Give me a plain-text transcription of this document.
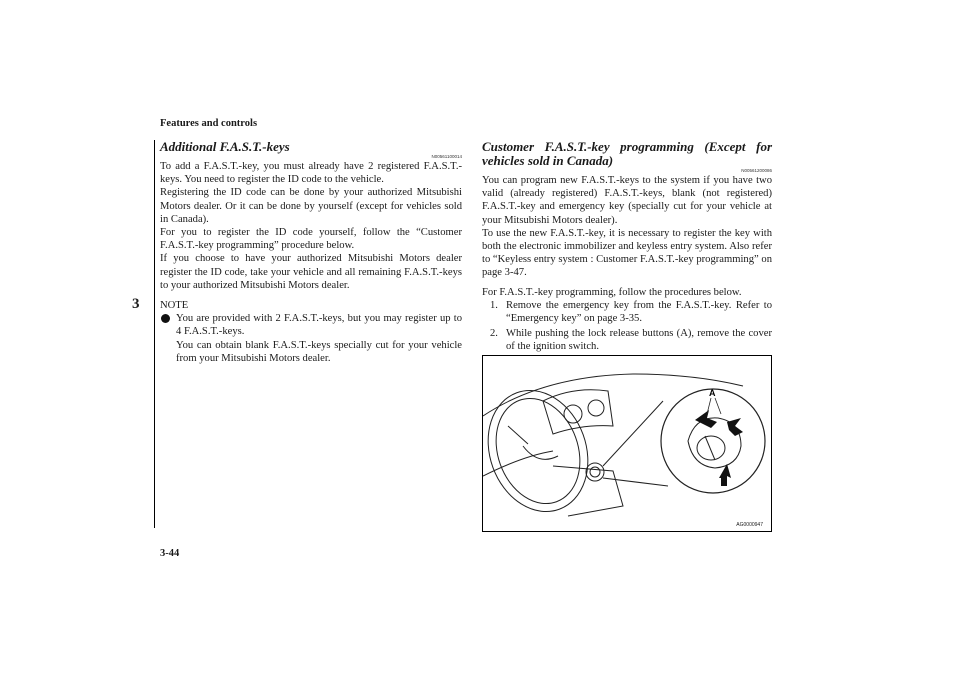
Features and controls
3
Additional F.A.S.T.-keys
N00561100014

To add a F.A.S.T.-key, you must already have 2 registered F.A.S.T.-keys. You need to register the ID code to the vehicle.

Registering the ID code can be done by your authorized Mitsubishi Motors dealer. Or it can be done by yourself (except for vehicles sold in Canada).

For you to register the ID code yourself, follow the “Customer F.A.S.T.-key programming” procedure below.

If you choose to have your authorized Mitsubishi Motors dealer register the ID code, take your vehicle and all remaining F.A.S.T.-keys to your authorized Mitsubishi Motors dealer.

NOTE

You are provided with 2 F.A.S.T.-keys, but you may register up to 4 F.A.S.T.-keys.

You can obtain blank F.A.S.T.-keys specially cut for your vehicle from your Mitsubishi Motors dealer.

Customer F.A.S.T.-key programming (Except for vehicles sold in Canada)
N00561200086

You can program new F.A.S.T.-keys to the system if you have two valid (already registered) F.A.S.T.-keys, blank (not registered) F.A.S.T.-key and emergency key (specially cut for your vehicle at your Mitsubishi Motors dealer).

To use the new F.A.S.T.-key, it is necessary to register the key with both the electronic immobilizer and keyless entry system. Also refer to “Keyless entry system : Customer F.A.S.T.-key programming” on page 3-47.

For F.A.S.T.-key programming, follow the procedures below.

1. Remove the emergency key from the F.A.S.T.-key. Refer to “Emergency key” on page 3-35.
2. While pushing the lock release buttons (A), remove the cover of the ignition switch.
A
AG0000947
3-44
